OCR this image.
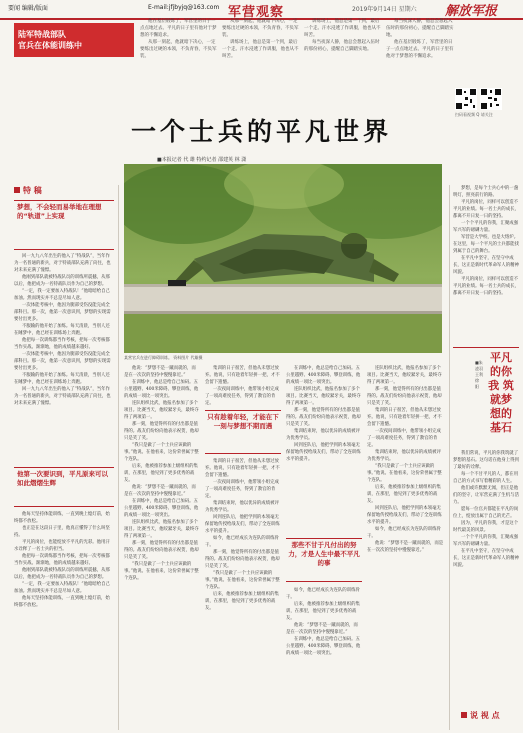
要闻 编辑/版面	E-mail:jfjbyjq@163.com 军营观察	2019年9月14日 星期六 解放军报
陆军特战部队
官兵在体能训练中

他在基层锻炼了，军营里的日子一点点地过去。平凡的日子里有他对于梦想的不懈追求。

从那一刻起，他就暗下决心，一定要练出过硬的本领，不负青春，不负军装。

从那一刻起，他就暗下决心，一定要练出过硬的本领，不负青春，不负军装。

训练场上，他总是第一个到，最后一个走。汗水浸透了作训服，他也从不叫苦。

训练场上，他总是第一个到，最后一个走。汗水浸透了作训服，他也从不叫苦。

每当夜深人静，他总会想起入伍时的那份初心，提醒自己脚踏实地。

每当夜深人静，他总会想起入伍时的那份初心，提醒自己脚踏实地。

他在基层锻炼了，军营里的日子一点点地过去。平凡的日子里有他对于梦想的不懈追求。

扫码看视频 Q 请关注
一个士兵的平凡世界
■本报记者 代 雄 特约记者 邵建英 林 潇
某营官兵在进行障碍训练。 资料图片 代雄摄
特 稿
梦想，不会轻而易举地在理想的“轨道”上实现

回一九九八年出生的他入了“特战队”，当年作为一名普通的新兵，对于特战部队充满了向往，也对未来充满了憧憬。

他刚到部队就被特战队员的训练所震撼，从那以后，他把成为一名特战队员作为自己的梦想。

“一定，我一定要加入特战队！”他暗暗给自己加油。然而现实并不总是尽如人意。

一次体能考核中，他因为腿部受伤没能完成全部科目。那一次，他第一次意识到，梦想的实现需要付出更多。

不服输的他开始了加练。每天清晨，当别人还在睡梦中，他已经在训练场上奔跑。

他把每一次训练都当作考核，把每一次考核都当作实战。渐渐地，他的成绩越来越好。

一次体能考核中，他因为腿部受伤没能完成全部科目。那一次，他第一次意识到，梦想的实现需要付出更多。

不服输的他开始了加练。每天清晨，当别人还在睡梦中，他已经在训练场上奔跑。

回一九九八年出生的他入了“特战队”，当年作为一名普通的新兵，对于特战部队充满了向往，也对未来充满了憧憬。

他第一次要识到，平凡原来可以如此熠熠生辉

他每天坚持体能训练，一直到晚上熄灯前，始终都不放松。

也正是在这段日子里，他真正懂得了什么叫坚持。

平凡的岗位，也能绽放不平凡的光彩。他用汗水诠释了一名士兵的担当。

他把每一次训练都当作考核，把每一次考核都当作实战。渐渐地，他的成绩越来越好。

他刚到部队就被特战队员的训练所震撼，从那以后，他把成为一名特战队员作为自己的梦想。

“一定，我一定要加入特战队！”他暗暗给自己加油。然而现实并不总是尽如人意。

他每天坚持体能训练，一直到晚上熄灯前，始终都不放松。

他说：“梦想不是一蹴而就的，而是在一次次的坚持中慢慢靠近。”

在训练中，他总是给自己加码。五公里越野、400米障碍、攀登训练，他的成绩一项比一项突出。

连队组织比武，他报名参加了多个项目。比赛当天，他咬紧牙关，最终夺得了两项第一。

那一刻，他觉得所有的付出都是值得的。战友们纷纷向他表示祝贺，他却只是笑了笑。

“我只是做了一个士兵应该做的事。”他说。在他看来，这份荣誉属于整个连队。

后来，他被推荐参加上级组织的集训，在那里，他见到了更多优秀的战友。

他说：“梦想不是一蹴而就的，而是在一次次的坚持中慢慢靠近。”

在训练中，他总是给自己加码。五公里越野、400米障碍、攀登训练，他的成绩一项比一项突出。

连队组织比武，他报名参加了多个项目。比赛当天，他咬紧牙关，最终夺得了两项第一。

那一刻，他觉得所有的付出都是值得的。战友们纷纷向他表示祝贺，他却只是笑了笑。

“我只是做了一个士兵应该做的事。”他说。在他看来，这份荣誉属于整个连队。

只有趁着年轻，才能在下一刻与梦想不期而遇

集训的日子很苦，但他从未想过放弃。他说，只有趁着年轻拼一把，才不会留下遗憾。

一次夜间训练中，他带领小组完成了一项高难度任务，得到了教官的肯定。

集训的日子很苦，但他从未想过放弃。他说，只有趁着年轻拼一把，才不会留下遗憾。

一次夜间训练中，他带领小组完成了一项高难度任务，得到了教官的肯定。

集训结束时，他以优异的成绩被评为优秀学员。

回到连队后，他把学到的本领毫无保留地传授给战友们，带动了全连训练水平的提升。

如今，他已经成长为连队的训练骨干。

那一刻，他觉得所有的付出都是值得的。战友们纷纷向他表示祝贺，他却只是笑了笑。

“我只是做了一个士兵应该做的事。”他说。在他看来，这份荣誉属于整个连队。

后来，他被推荐参加上级组织的集训，在那里，他见到了更多优秀的战友。

在训练中，他总是给自己加码。五公里越野、400米障碍、攀登训练，他的成绩一项比一项突出。

连队组织比武，他报名参加了多个项目。比赛当天，他咬紧牙关，最终夺得了两项第一。

那一刻，他觉得所有的付出都是值得的。战友们纷纷向他表示祝贺，他却只是笑了笑。

集训结束时，他以优异的成绩被评为优秀学员。

回到连队后，他把学到的本领毫无保留地传授给战友们，带动了全连训练水平的提升。

那些不甘于凡付出的努力，才是人生中最不平凡的事

如今，他已经成长为连队的训练骨干。

后来，他被推荐参加上级组织的集训，在那里，他见到了更多优秀的战友。

他说：“梦想不是一蹴而就的，而是在一次次的坚持中慢慢靠近。”

在训练中，他总是给自己加码。五公里越野、400米障碍、攀登训练，他的成绩一项比一项突出。

连队组织比武，他报名参加了多个项目。比赛当天，他咬紧牙关，最终夺得了两项第一。

那一刻，他觉得所有的付出都是值得的。战友们纷纷向他表示祝贺，他却只是笑了笑。

集训的日子很苦，但他从未想过放弃。他说，只有趁着年轻拼一把，才不会留下遗憾。

一次夜间训练中，他带领小组完成了一项高难度任务，得到了教官的肯定。

集训结束时，他以优异的成绩被评为优秀学员。

“我只是做了一个士兵应该做的事。”他说。在他看来，这份荣誉属于整个连队。

后来，他被推荐参加上级组织的集训，在那里，他见到了更多优秀的战友。

回到连队后，他把学到的本领毫无保留地传授给战友们，带动了全连训练水平的提升。

如今，他已经成长为连队的训练骨干。

他说：“梦想不是一蹴而就的，而是在一次次的坚持中慢慢靠近。”

梦想，是每个士兵心中的一盏明灯，照亮前行的路。

平凡的岗位，同样可以创造不平凡的业绩。每一名士兵的成长，都离不开日复一日的坚持。

一个个平凡的你我，汇聚成强军兴军的磅礴力量。

军营是大学校，也是大熔炉。在这里，每一个平凡的士兵都能找到属于自己的舞台。

在平凡中坚守，在坚守中成长，这正是新时代革命军人的精神风貌。

平凡的岗位，同样可以创造不平凡的业绩。每一名士兵的成长，都离不开日复一日的坚持。

平凡的你我 筑就梦想的基石
■朱凌羽 王利 徐 阳

我们常说，平凡的你我筑就了梦想的基石。这句话在他身上得到了最好的诠释。

每一个不甘平凡的人，都在用自己的方式书写着精彩的人生。

他们或许默默无闻，但正是他们的坚守，让军营充满了生机与活力。

愿每一位官兵都能在平凡的岗位上，绽放出属于自己的光芒。

因为，平凡的你我，才是这个时代最美的风景。

一个个平凡的你我，汇聚成强军兴军的磅礴力量。

在平凡中坚守，在坚守中成长，这正是新时代革命军人的精神风貌。

说 视 点
